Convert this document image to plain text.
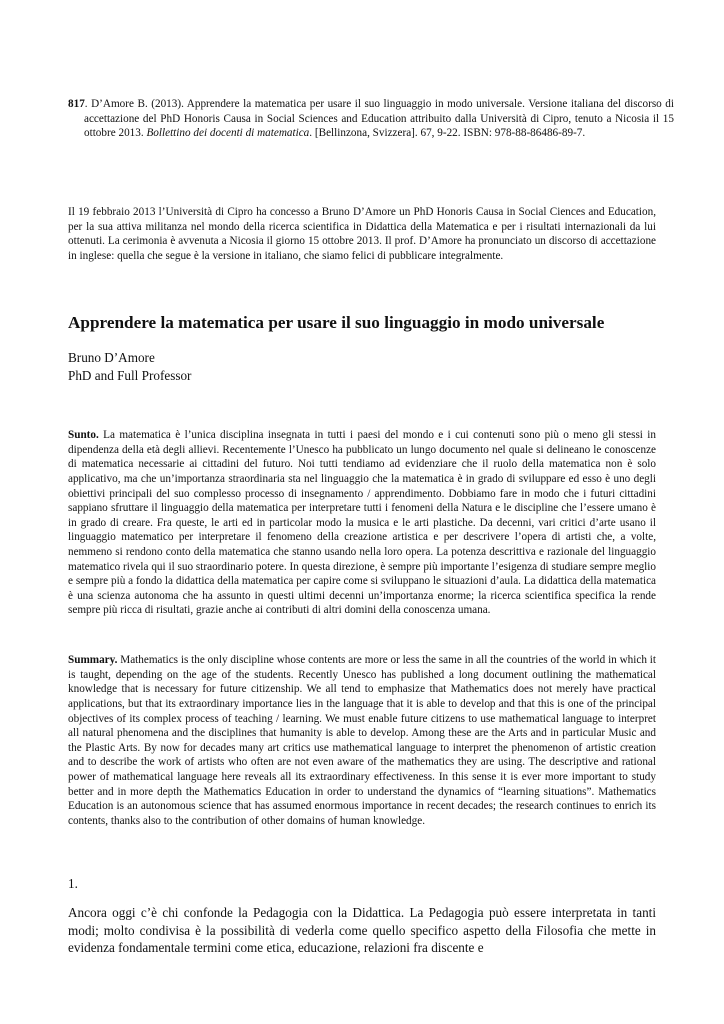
817. D’Amore B. (2013). Apprendere la matematica per usare il suo linguaggio in modo universale. Versione italiana del discorso di accettazione del PhD Honoris Causa in Social Sciences and Education attribuito dalla Università di Cipro, tenuto a Nicosia il 15 ottobre 2013. Bollettino dei docenti di matematica. [Bellinzona, Svizzera]. 67, 9-22. ISBN: 978-88-86486-89-7.

Il 19 febbraio 2013 l’Università di Cipro ha concesso a Bruno D’Amore un PhD Honoris Causa in Social Ciences and Education, per la sua attiva militanza nel mondo della ricerca scientifica in Didattica della Matematica e per i risultati internazionali da lui ottenuti. La cerimonia è avvenuta a Nicosia il giorno 15 ottobre 2013. Il prof. D’Amore ha pronunciato un discorso di accettazione in inglese: quella che segue è la versione in italiano, che siamo felici di pubblicare integralmente.

Apprendere la matematica per usare il suo linguaggio in modo universale
Bruno D’Amore
PhD and Full Professor

Sunto. La matematica è l’unica disciplina insegnata in tutti i paesi del mondo e i cui contenuti sono più o meno gli stessi in dipendenza della età degli allievi. Recentemente l’Unesco ha pubblicato un lungo documento nel quale si delineano le conoscenze di matematica necessarie ai cittadini del futuro. Noi tutti tendiamo ad evidenziare che il ruolo della matematica non è solo applicativo, ma che un’importanza straordinaria sta nel linguaggio che la matematica è in grado di sviluppare ed esso è uno degli obiettivi principali del suo complesso processo di insegnamento / apprendimento. Dobbiamo fare in modo che i futuri cittadini sappiano sfruttare il linguaggio della matematica per interpretare tutti i fenomeni della Natura e le discipline che l’essere umano è in grado di creare. Fra queste, le arti ed in particolar modo la musica e le arti plastiche. Da decenni, vari critici d’arte usano il linguaggio matematico per interpretare il fenomeno della creazione artistica e per descrivere l’opera di artisti che, a volte, nemmeno si rendono conto della matematica che stanno usando nella loro opera. La potenza descrittiva e razionale del linguaggio matematico rivela qui il suo straordinario potere. In questa direzione, è sempre più importante l’esigenza di studiare sempre meglio e sempre più a fondo la didattica della matematica per capire come si sviluppano le situazioni d’aula. La didattica della matematica è una scienza autonoma che ha assunto in questi ultimi decenni un’importanza enorme; la ricerca scientifica specifica la rende sempre più ricca di risultati, grazie anche ai contributi di altri domini della conoscenza umana.

Summary. Mathematics is the only discipline whose contents are more or less the same in all the countries of the world in which it is taught, depending on the age of the students. Recently Unesco has published a long document outlining the mathematical knowledge that is necessary for future citizenship. We all tend to emphasize that Mathematics does not merely have practical applications, but that its extraordinary importance lies in the language that it is able to develop and that this is one of the principal objectives of its complex process of teaching / learning. We must enable future citizens to use mathematical language to interpret all natural phenomena and the disciplines that humanity is able to develop. Among these are the Arts and in particular Music and the Plastic Arts. By now for decades many art critics use mathematical language to interpret the phenomenon of artistic creation and to describe the work of artists who often are not even aware of the mathematics they are using. The descriptive and rational power of mathematical language here reveals all its extraordinary effectiveness. In this sense it is ever more important to study better and in more depth the Mathematics Education in order to understand the dynamics of “learning situations”. Mathematics Education is an autonomous science that has assumed enormous importance in recent decades; the research continues to enrich its contents, thanks also to the contribution of other domains of human knowledge.

1.

Ancora oggi c’è chi confonde la Pedagogia con la Didattica. La Pedagogia può essere interpretata in tanti modi; molto condivisa è la possibilità di vederla come quello specifico aspetto della Filosofia che mette in evidenza fondamentale termini come etica, educazione, relazioni fra discente e
